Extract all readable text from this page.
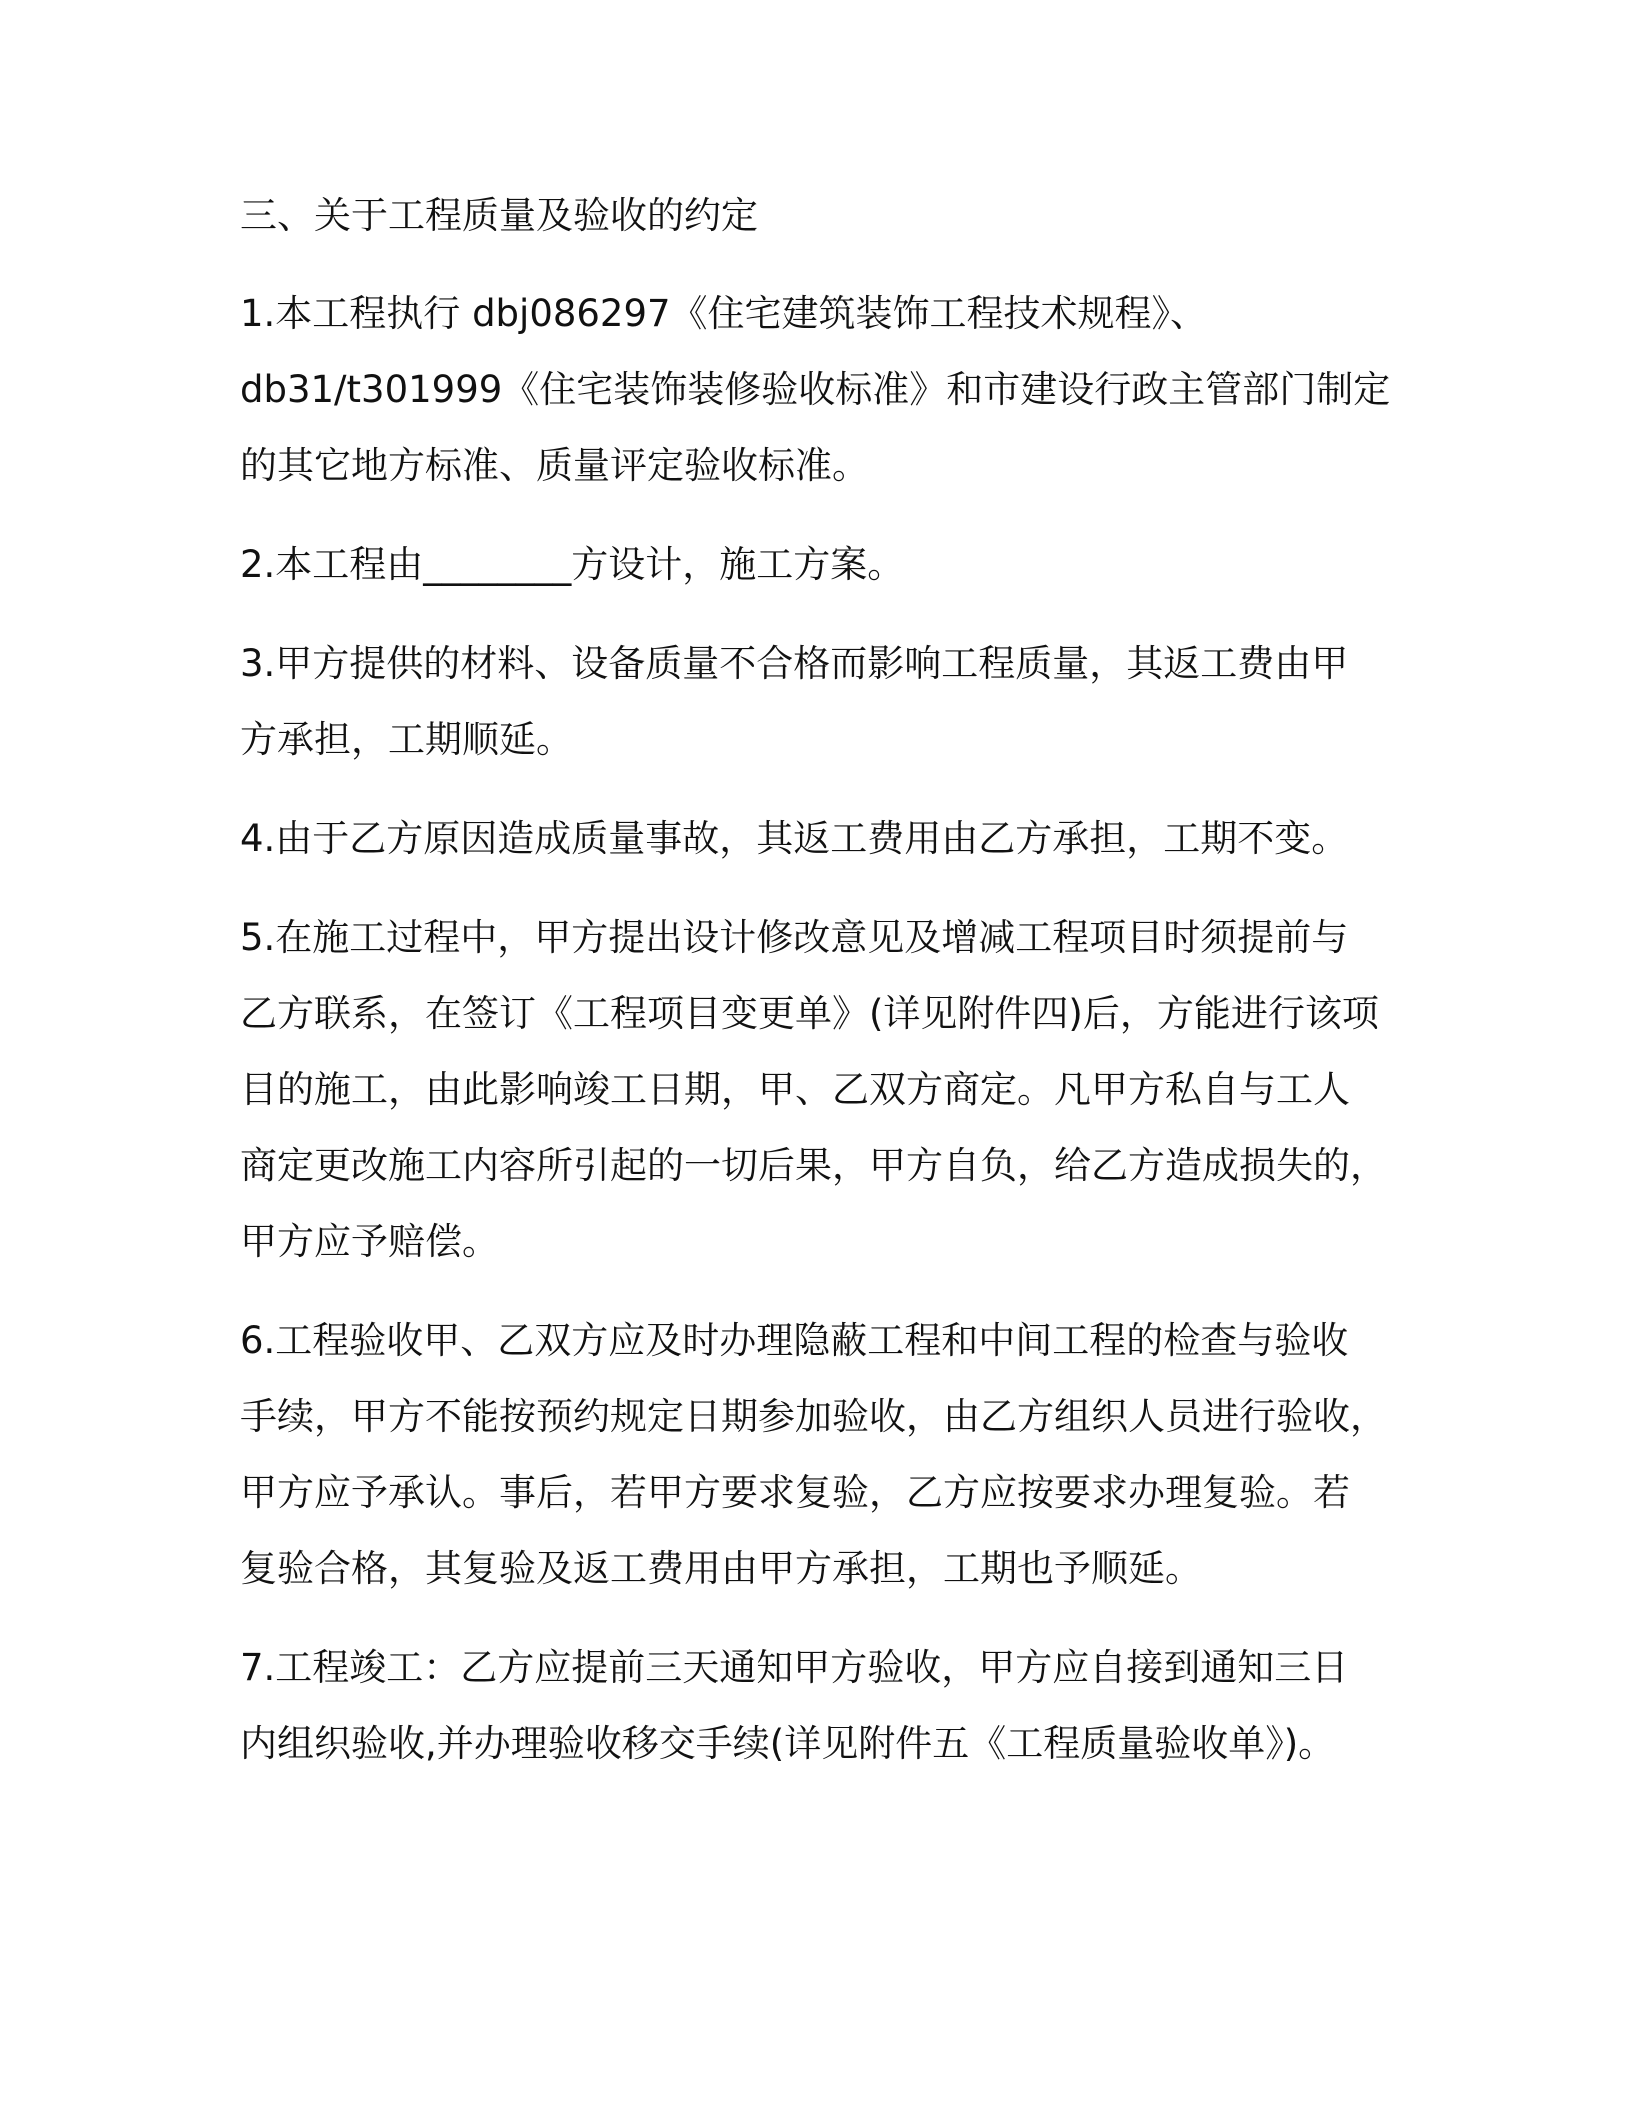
三、关于工程质量及验收的约定
1.本工程执行 dbj086297《住宅建筑装饰工程技术规程》、
db31/t301999《住宅装饰装修验收标准》和市建设行政主管部门制定
的其它地方标准、质量评定验收标准。
2.本工程由________方设计，施工方案。
3.甲方提供的材料、设备质量不合格而影响工程质量，其返工费由甲
方承担，工期顺延。
4.由于乙方原因造成质量事故，其返工费用由乙方承担，工期不变。
5.在施工过程中，甲方提出设计修改意见及增减工程项目时须提前与
乙方联系，在签订《工程项目变更单》(详见附件四)后，方能进行该项
目的施工，由此影响竣工日期，甲、乙双方商定。凡甲方私自与工人
商定更改施工内容所引起的一切后果，甲方自负，给乙方造成损失的，
甲方应予赔偿。
6.工程验收甲、乙双方应及时办理隐蔽工程和中间工程的检查与验收
手续，甲方不能按预约规定日期参加验收，由乙方组织人员进行验收，
甲方应予承认。事后，若甲方要求复验，乙方应按要求办理复验。若
复验合格，其复验及返工费用由甲方承担，工期也予顺延。
7.工程竣工：乙方应提前三天通知甲方验收，甲方应自接到通知三日
内组织验收,并办理验收移交手续(详见附件五《工程质量验收单》)。
